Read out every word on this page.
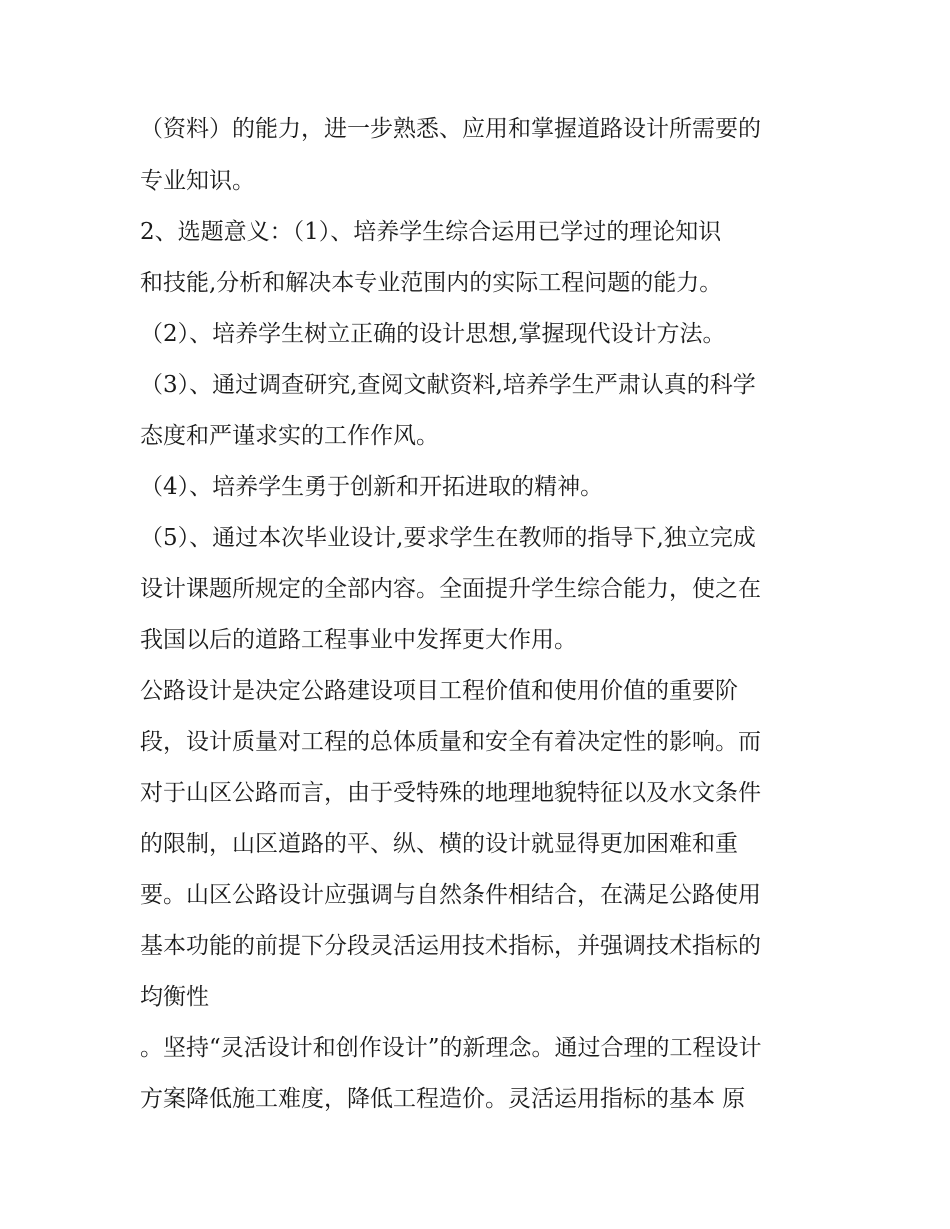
（资料）的能力，进一步熟悉、应用和掌握道路设计所需要的
专业知识。
2、选题意义：（1）、培养学生综合运用已学过的理论知识
和技能,分析和解决本专业范围内的实际工程问题的能力。
（2）、培养学生树立正确的设计思想,掌握现代设计方法。
（3）、通过调查研究,查阅文献资料,培养学生严肃认真的科学
态度和严谨求实的工作作风。
（4）、培养学生勇于创新和开拓进取的精神。
（5）、通过本次毕业设计,要求学生在教师的指导下,独立完成
设计课题所规定的全部内容。全面提升学生综合能力，使之在
我国以后的道路工程事业中发挥更大作用。
公路设计是决定公路建设项目工程价值和使用价值的重要阶
段，设计质量对工程的总体质量和安全有着决定性的影响。而
对于山区公路而言，由于受特殊的地理地貌特征以及水文条件
的限制，山区道路的平、纵、横的设计就显得更加困难和重
要。山区公路设计应强调与自然条件相结合，在满足公路使用
基本功能的前提下分段灵活运用技术指标，并强调技术指标的
均衡性
。坚持“灵活设计和创作设计”的新理念。通过合理的工程设计
方案降低施工难度，降低工程造价。灵活运用指标的基本 原
